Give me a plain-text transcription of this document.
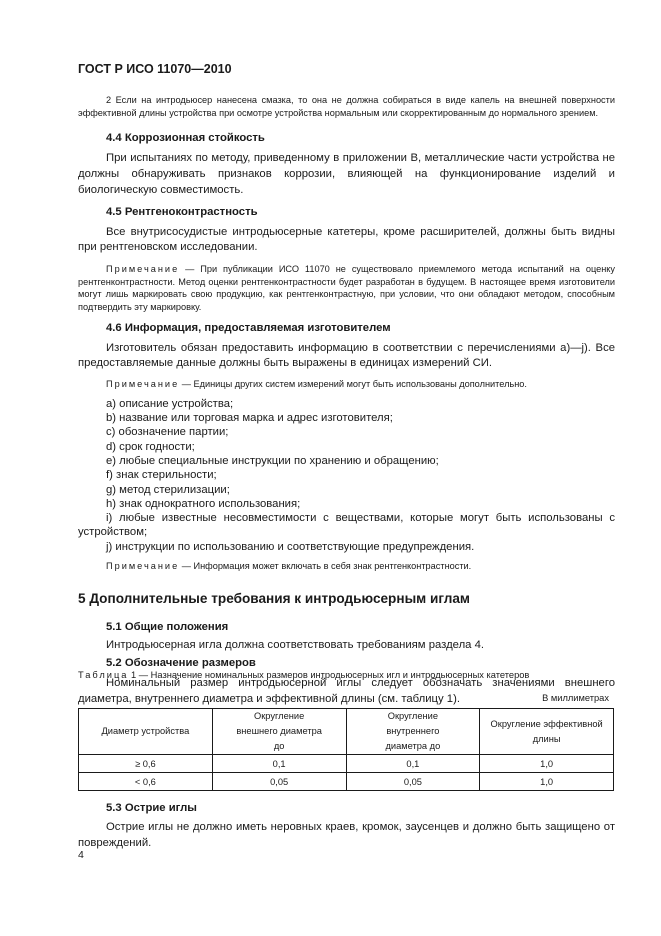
ГОСТ Р ИСО 11070—2010

2 Если на интродьюсер нанесена смазка, то она не должна собираться в виде капель на внешней поверхности эффективной длины устройства при осмотре устройства нормальным или скорректированным до нормального зрением.

4.4 Коррозионная стойкость

При испытаниях по методу, приведенному в приложении В, металлические части устройства не должны обнаруживать признаков коррозии, влияющей на функционирование изделий и биологическую совместимость.

4.5 Рентгеноконтрастность

Все внутрисосудистые интродьюсерные катетеры, кроме расширителей, должны быть видны при рентгеновском исследовании.

Примечание — При публикации ИСО 11070 не существовало приемлемого метода испытаний на оценку рентгенконтрастности. Метод оценки рентгенконтрастности будет разработан в будущем. В настоящее время изготовители могут лишь маркировать свою продукцию, как рентгенконтрастную, при условии, что они обладают методом, способным подтвердить эту маркировку.

4.6 Информация, предоставляемая изготовителем

Изготовитель обязан предоставить информацию в соответствии с перечислениями а)—j). Все предоставляемые данные должны быть выражены в единицах измерений СИ.

Примечание — Единицы других систем измерений могут быть использованы дополнительно.

а) описание устройства;
b) название или торговая марка и адрес изготовителя;
с) обозначение партии;
d) срок годности;
е) любые специальные инструкции по хранению и обращению;
f) знак стерильности;
g) метод стерилизации;
h) знак однократного использования;
i) любые известные несовместимости с веществами, которые могут быть использованы с устройством;
j) инструкции по использованию и соответствующие предупреждения.

Примечание — Информация может включать в себя знак рентгенконтрастности.

5 Дополнительные требования к интродьюсерным иглам

5.1 Общие положения

Интродьюсерная игла должна соответствовать требованиям раздела 4.

5.2 Обозначение размеров

Номинальный размер интродьюсерной иглы следует обозначать значениями внешнего диаметра, внутреннего диаметра и эффективной длины (см. таблицу 1).

Таблица 1 — Назначение номинальных размеров интродьюсерных игл и интродьюсерных катетеров
В миллиметрах
Диаметр устройства	Округление внешнего диаметра до	Округление внутреннего диаметра до	Округление эффективной длины
≥ 0,6	0,1	0,1	1,0
< 0,6	0,05	0,05	1,0

5.3 Острие иглы

Острие иглы не должно иметь неровных краев, кромок, заусенцев и должно быть защищено от повреждений.

4
